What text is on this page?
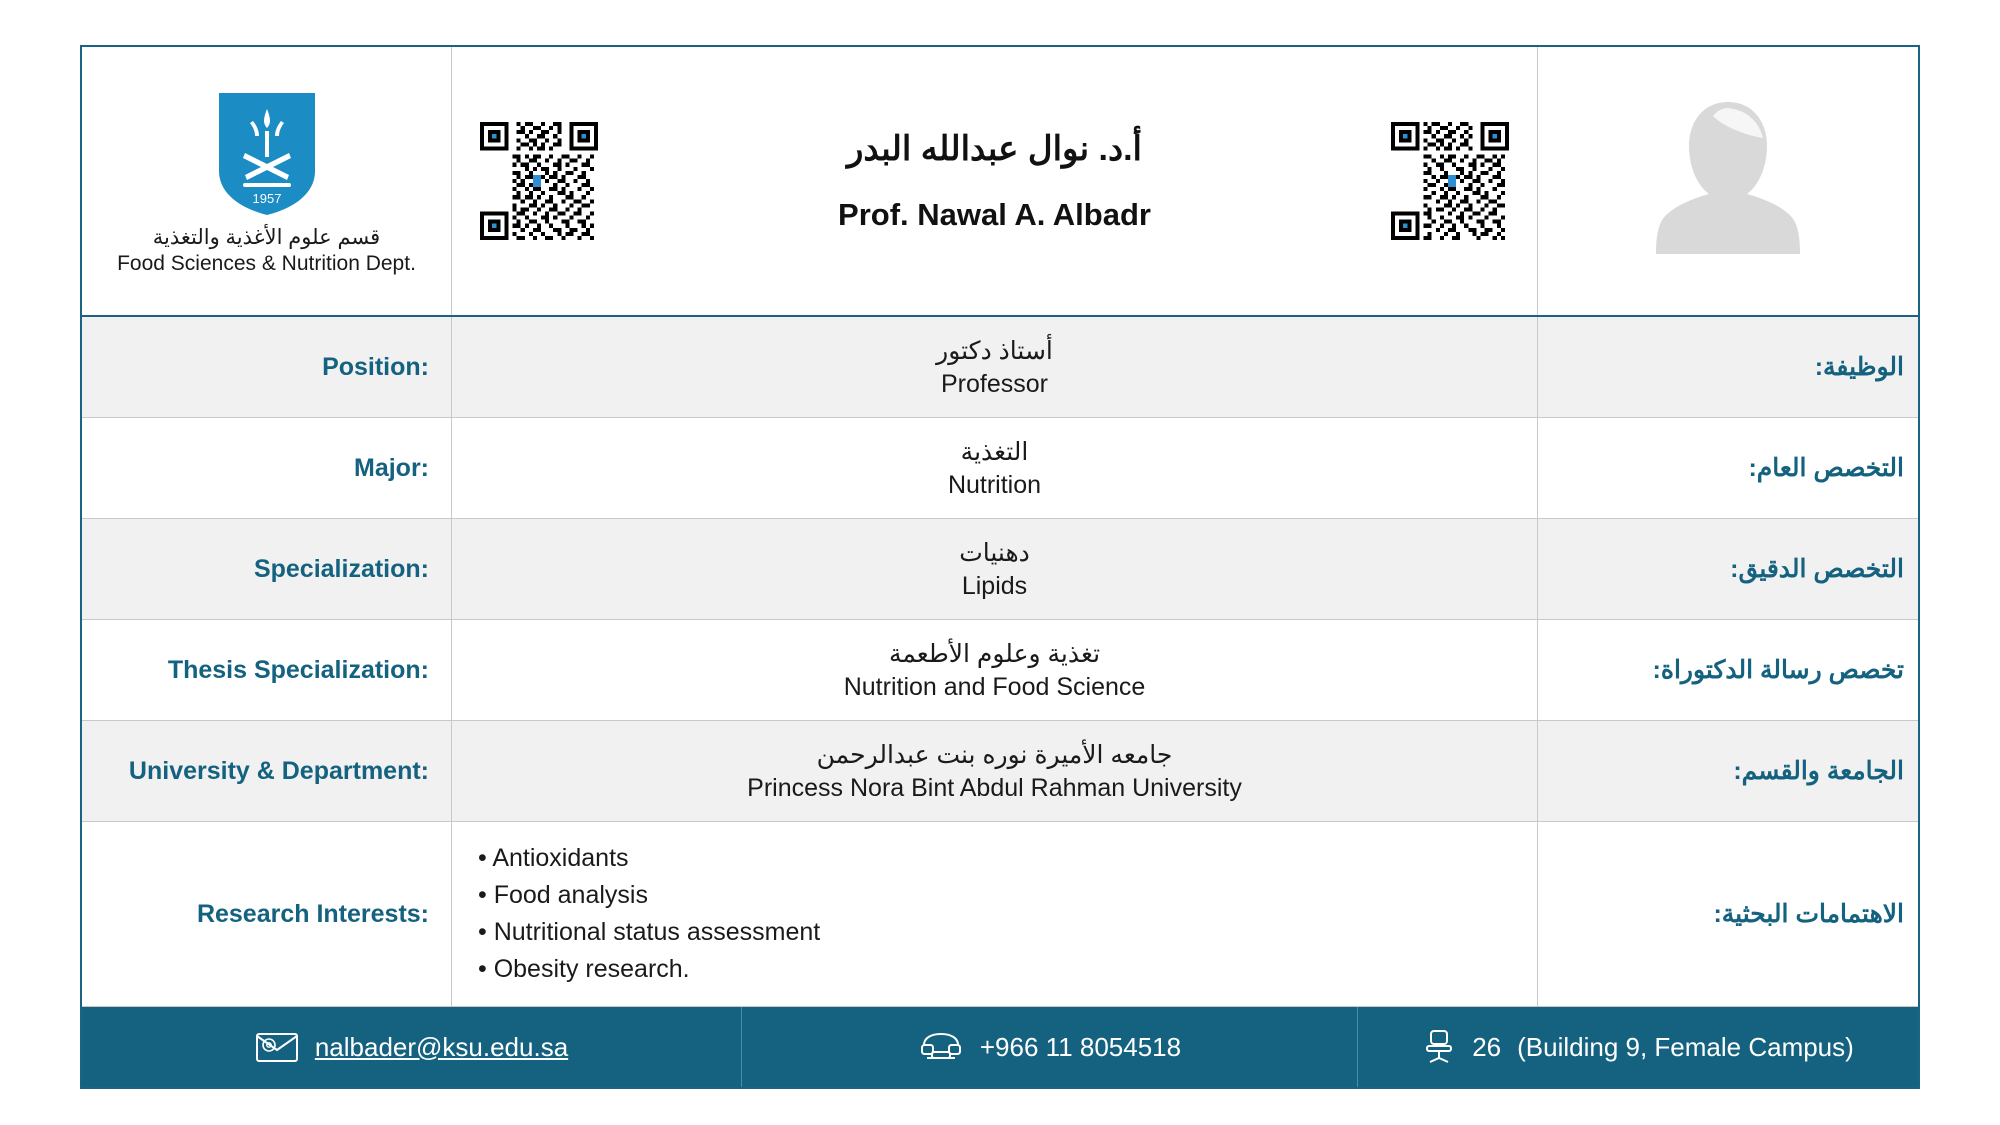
1957
قسم علوم الأغذية والتغذية
Food Sciences & Nutrition Dept.
أ.د. نوال عبدالله البدر
Prof. Nawal A. Albadr
Position:
أستاذ دكتور
Professor
الوظيفة:
Major:
التغذية
Nutrition
التخصص العام:
Specialization:
دهنيات
Lipids
التخصص الدقيق:
Thesis Specialization:
تغذية وعلوم الأطعمة
Nutrition and Food Science
تخصص رسالة الدكتوراة:
University & Department:
جامعه الأميرة نوره بنت عبدالرحمن
Princess Nora Bint Abdul Rahman University
الجامعة والقسم:
Research Interests:
• Antioxidants
• Food analysis
• Nutritional status assessment
• Obesity research.
الاهتمامات البحثية:
nalbader@ksu.edu.sa	+966 11 8054518	26 (Building 9, Female Campus)
